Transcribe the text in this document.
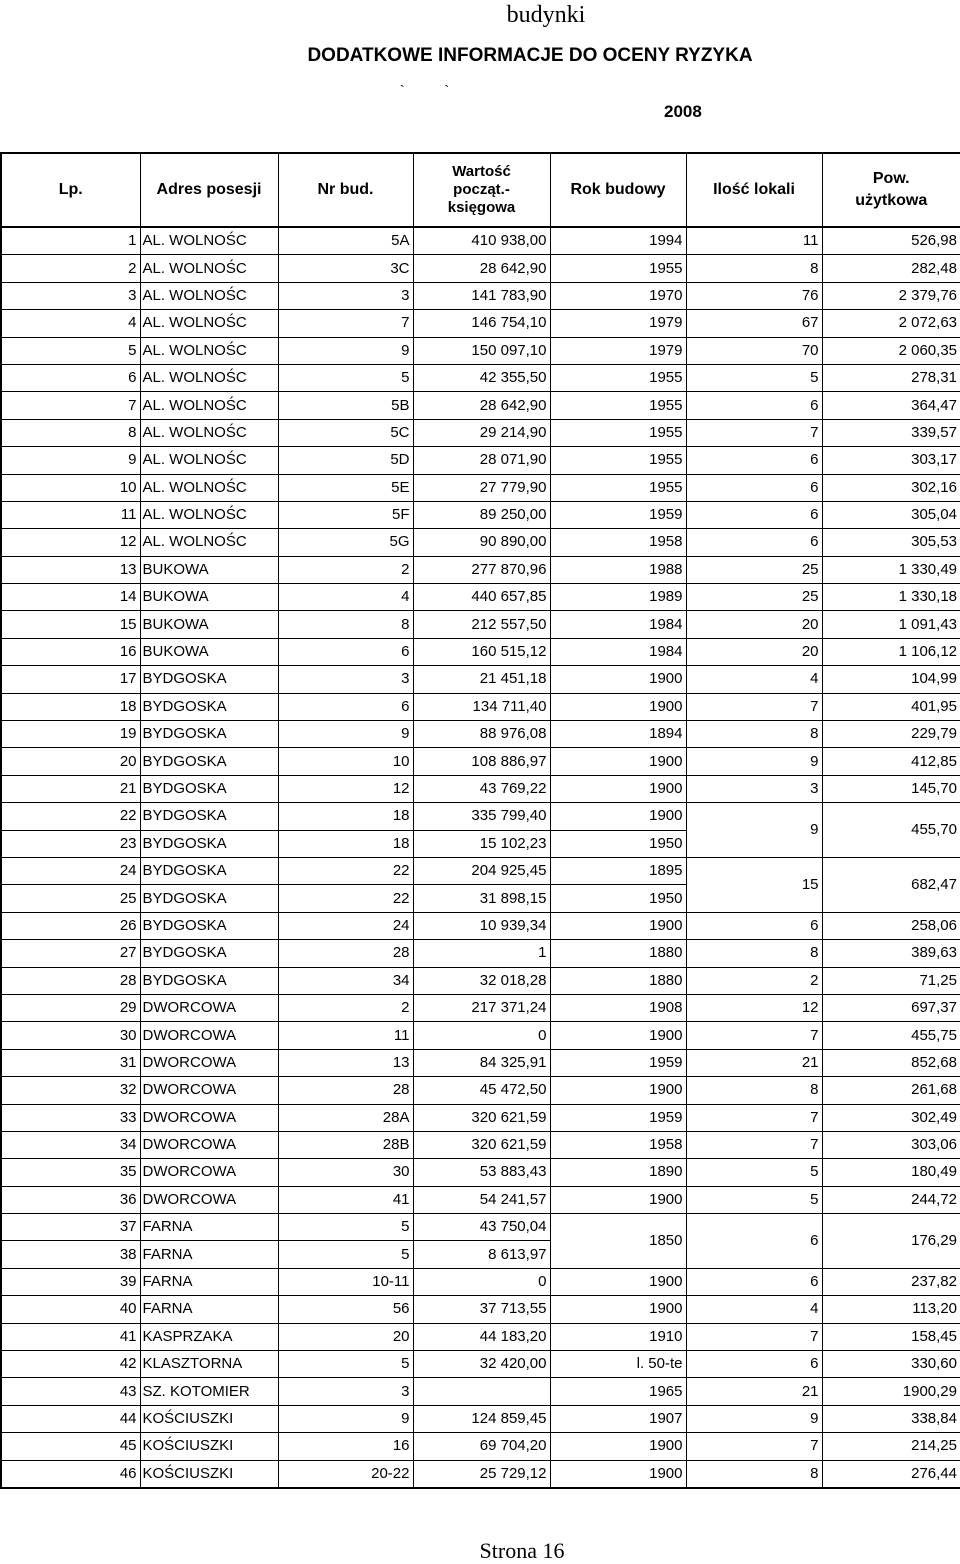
budynki
DODATKOWE INFORMACJE DO OCENY RYZYKA
` `
2008
Lp.	Adres posesji	Nr bud.	Wartość
począt.-
księgowa	Rok budowy	Ilość lokali	Pow.
użytkowa
1	AL. WOLNOŚC	5A	410 938,00	1994	11	526,98
2	AL. WOLNOŚC	3C	28 642,90	1955	8	282,48
3	AL. WOLNOŚC	3	141 783,90	1970	76	2 379,76
4	AL. WOLNOŚC	7	146 754,10	1979	67	2 072,63
5	AL. WOLNOŚC	9	150 097,10	1979	70	2 060,35
6	AL. WOLNOŚC	5	42 355,50	1955	5	278,31
7	AL. WOLNOŚC	5B	28 642,90	1955	6	364,47
8	AL. WOLNOŚC	5C	29 214,90	1955	7	339,57
9	AL. WOLNOŚC	5D	28 071,90	1955	6	303,17
10	AL. WOLNOŚC	5E	27 779,90	1955	6	302,16
11	AL. WOLNOŚC	5F	89 250,00	1959	6	305,04
12	AL. WOLNOŚC	5G	90 890,00	1958	6	305,53
13	BUKOWA	2	277 870,96	1988	25	1 330,49
14	BUKOWA	4	440 657,85	1989	25	1 330,18
15	BUKOWA	8	212 557,50	1984	20	1 091,43
16	BUKOWA	6	160 515,12	1984	20	1 106,12
17	BYDGOSKA	3	21 451,18	1900	4	104,99
18	BYDGOSKA	6	134 711,40	1900	7	401,95
19	BYDGOSKA	9	88 976,08	1894	8	229,79
20	BYDGOSKA	10	108 886,97	1900	9	412,85
21	BYDGOSKA	12	43 769,22	1900	3	145,70
22	BYDGOSKA	18	335 799,40	1900	9	455,70
23	BYDGOSKA	18	15 102,23	1950		
24	BYDGOSKA	22	204 925,45	1895	15	682,47
25	BYDGOSKA	22	31 898,15	1950		
26	BYDGOSKA	24	10 939,34	1900	6	258,06
27	BYDGOSKA	28	1	1880	8	389,63
28	BYDGOSKA	34	32 018,28	1880	2	71,25
29	DWORCOWA	2	217 371,24	1908	12	697,37
30	DWORCOWA	11	0	1900	7	455,75
31	DWORCOWA	13	84 325,91	1959	21	852,68
32	DWORCOWA	28	45 472,50	1900	8	261,68
33	DWORCOWA	28A	320 621,59	1959	7	302,49
34	DWORCOWA	28B	320 621,59	1958	7	303,06
35	DWORCOWA	30	53 883,43	1890	5	180,49
36	DWORCOWA	41	54 241,57	1900	5	244,72
37	FARNA	5	43 750,04	1850	6	176,29
38	FARNA	5	8 613,97			
39	FARNA	10-11	0	1900	6	237,82
40	FARNA	56	37 713,55	1900	4	113,20
41	KASPRZAKA	20	44 183,20	1910	7	158,45
42	KLASZTORNA	5	32 420,00	l. 50-te	6	330,60
43	SZ. KOTOMIER	3		1965	21	1900,29
44	KOŚCIUSZKI	9	124 859,45	1907	9	338,84
45	KOŚCIUSZKI	16	69 704,20	1900	7	214,25
46	KOŚCIUSZKI	20-22	25 729,12	1900	8	276,44
Strona 16
